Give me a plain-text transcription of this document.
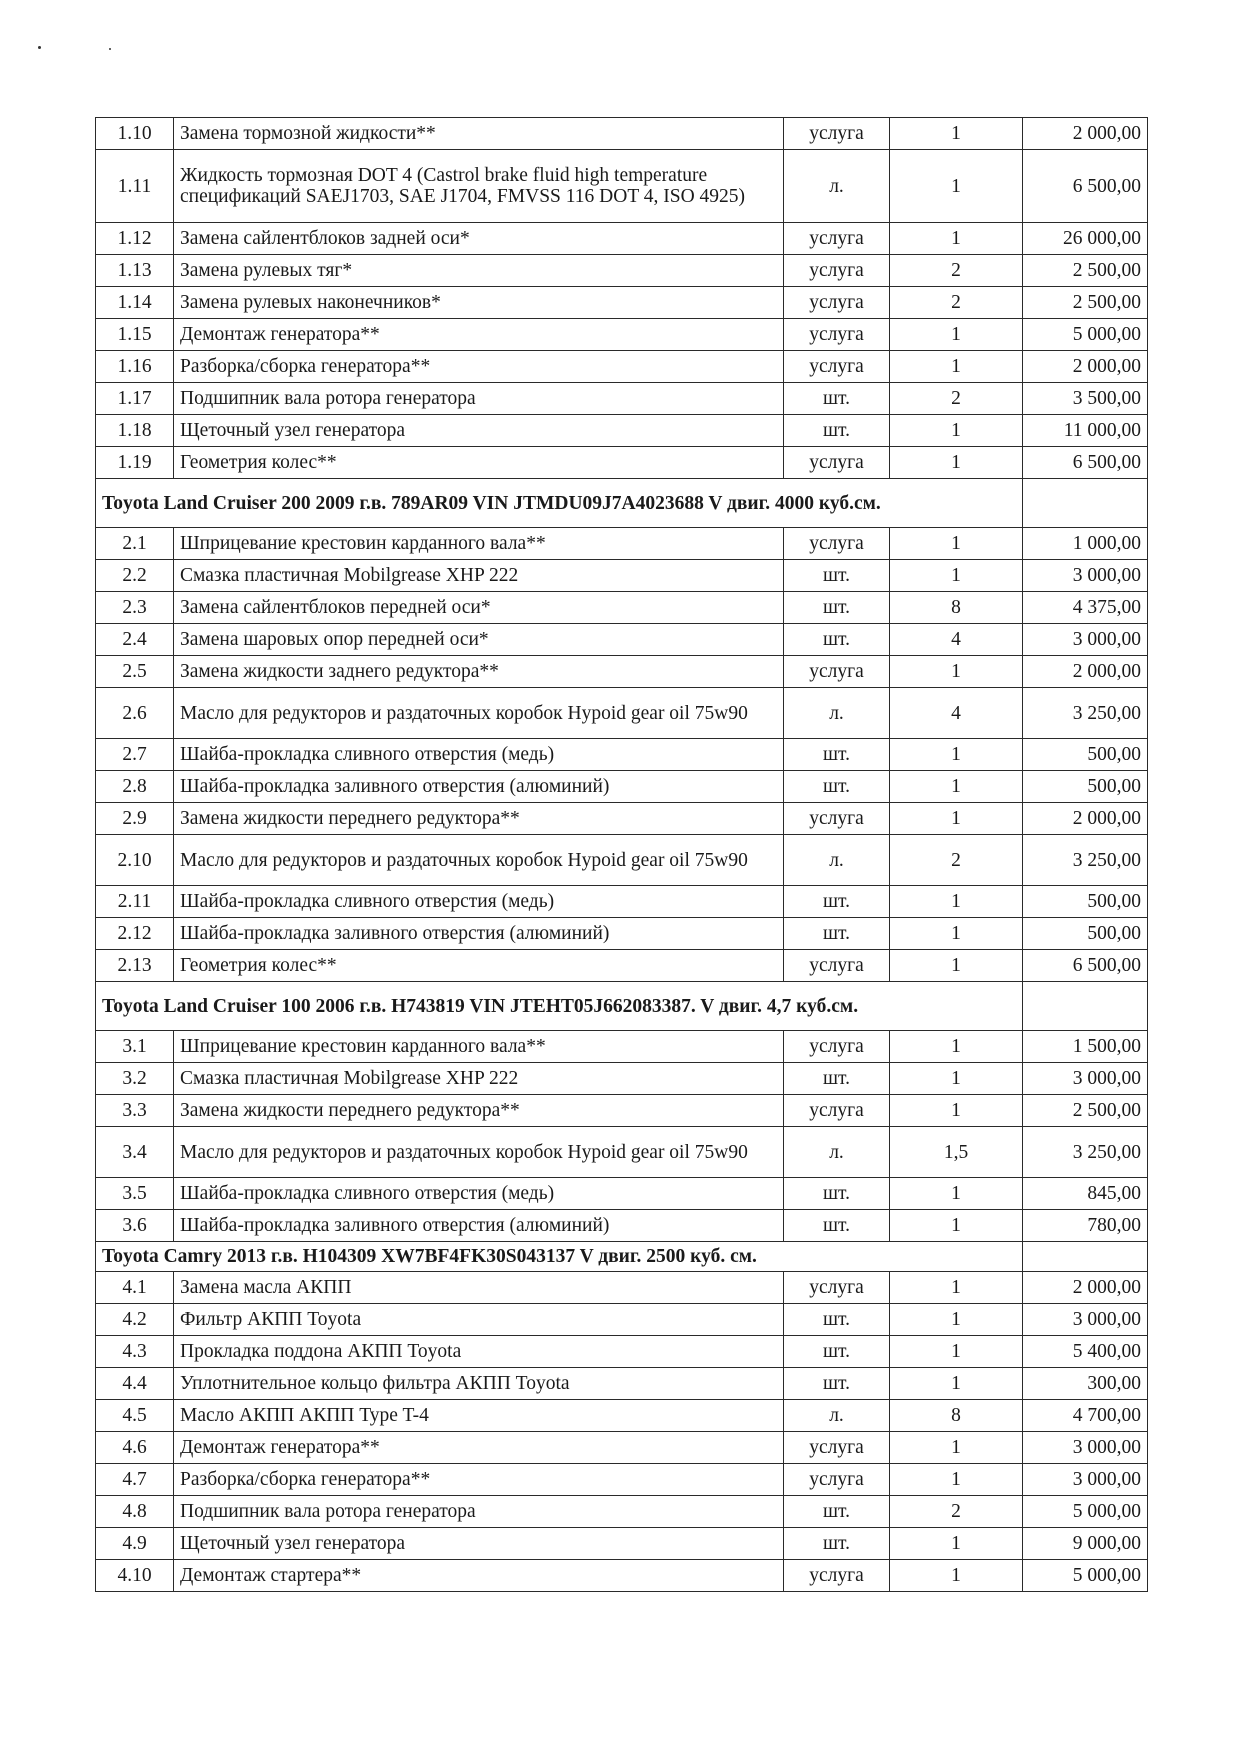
1.10	Замена тормозной жидкости**	услуга	1	2 000,00
1.11	Жидкость тормозная DOT 4 (Castrol brake fluid high temperature спецификаций SAEJ1703, SAE J1704, FMVSS 116 DOT 4, ISO 4925)	л.	1	6 500,00
1.12	Замена сайлентблоков задней оси*	услуга	1	26 000,00
1.13	Замена рулевых тяг*	услуга	2	2 500,00
1.14	Замена рулевых наконечников*	услуга	2	2 500,00
1.15	Демонтаж генератора**	услуга	1	5 000,00
1.16	Разборка/сборка генератора**	услуга	1	2 000,00
1.17	Подшипник вала ротора генератора	шт.	2	3 500,00
1.18	Щеточный узел генератора	шт.	1	11 000,00
1.19	Геометрия колес**	услуга	1	6 500,00
Toyota Land Cruiser 200 2009 г.в. 789AR09 VIN JTMDU09J7A4023688 V двиг. 4000 куб.см.				
2.1	Шприцевание крестовин карданного вала**	услуга	1	1 000,00
2.2	Смазка пластичная Mobilgrease XHP 222	шт.	1	3 000,00
2.3	Замена сайлентблоков передней оси*	шт.	8	4 375,00
2.4	Замена шаровых опор передней оси*	шт.	4	3 000,00
2.5	Замена жидкости заднего редуктора**	услуга	1	2 000,00
2.6	Масло для редукторов и раздаточных коробок Hypoid gear oil 75w90	л.	4	3 250,00
2.7	Шайба-прокладка сливного отверстия (медь)	шт.	1	500,00
2.8	Шайба-прокладка заливного отверстия (алюминий)	шт.	1	500,00
2.9	Замена жидкости переднего редуктора**	услуга	1	2 000,00
2.10	Масло для редукторов и раздаточных коробок Hypoid gear oil 75w90	л.	2	3 250,00
2.11	Шайба-прокладка сливного отверстия (медь)	шт.	1	500,00
2.12	Шайба-прокладка заливного отверстия (алюминий)	шт.	1	500,00
2.13	Геометрия колес**	услуга	1	6 500,00
Toyota Land Cruiser 100 2006 г.в. H743819 VIN JTEHT05J662083387. V двиг. 4,7 куб.см.				
3.1	Шприцевание крестовин карданного вала**	услуга	1	1 500,00
3.2	Смазка пластичная Mobilgrease XHP 222	шт.	1	3 000,00
3.3	Замена жидкости переднего редуктора**	услуга	1	2 500,00
3.4	Масло для редукторов и раздаточных коробок Hypoid gear oil 75w90	л.	1,5	3 250,00
3.5	Шайба-прокладка сливного отверстия (медь)	шт.	1	845,00
3.6	Шайба-прокладка заливного отверстия (алюминий)	шт.	1	780,00
Toyota Camry 2013 г.в. H104309 XW7BF4FK30S043137 V двиг. 2500 куб. см.				
4.1	Замена масла АКПП	услуга	1	2 000,00
4.2	Фильтр АКПП Toyota	шт.	1	3 000,00
4.3	Прокладка поддона АКПП Toyota	шт.	1	5 400,00
4.4	Уплотнительное кольцо фильтра АКПП Toyota	шт.	1	300,00
4.5	Масло АКПП АКПП Type T-4	л.	8	4 700,00
4.6	Демонтаж генератора**	услуга	1	3 000,00
4.7	Разборка/сборка генератора**	услуга	1	3 000,00
4.8	Подшипник вала ротора генератора	шт.	2	5 000,00
4.9	Щеточный узел генератора	шт.	1	9 000,00
4.10	Демонтаж стартера**	услуга	1	5 000,00
